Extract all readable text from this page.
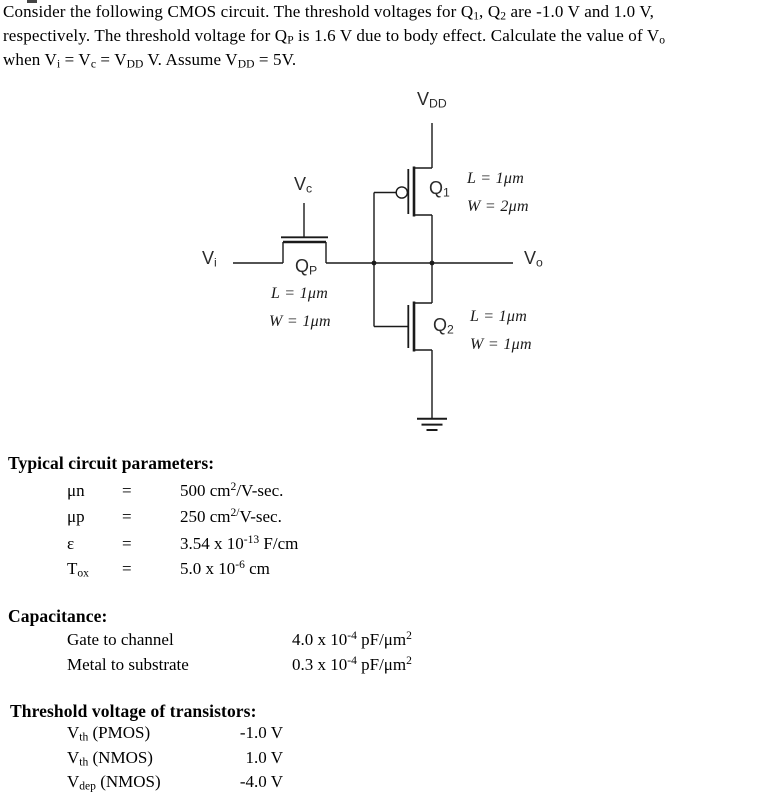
Consider the following CMOS circuit. The threshold voltages for $Q_1$, $Q_2$ are -1.0 V and 1.0 V,
respectively. The threshold voltage for $Q_P$ is 1.6 V due to body effect. Calculate the value of $V_o$
when $V_i = V_c = V_{DD}$ V. Assume $V_{DD} = 5V$.
$V_{DD}$
$V_c$
$V_i$	$V_o$
$Q_1$
$Q_P$
$Q_2$
L = 1μm
W = 2μm
L = 1μm
W = 1μm	L = 1μm
W = 1μm
Typical circuit parameters:
μn =	500 $cm^2/V-\sec$.
μp =	250 $cm^{2/}V-\sec$.
ε	=	3.54 x $10^{-13}$ F/cm
$T_{ox}$ =	5.0 x $10^{-6}$ cm
Capacitance:
Gate to channel	4.0 x $10^{-4}$ $pF/\mu m^2$
Metal to substrate	0.3 x $10^{-4}$ $pF/\mu m^2$
Threshold voltage of transistors:
$V_{th}$ (PMOS)	-1.0 V
$V_{th}$ (NMOS)	1.0 V
$V_{dep}$ (NMOS)	-4.0 V
